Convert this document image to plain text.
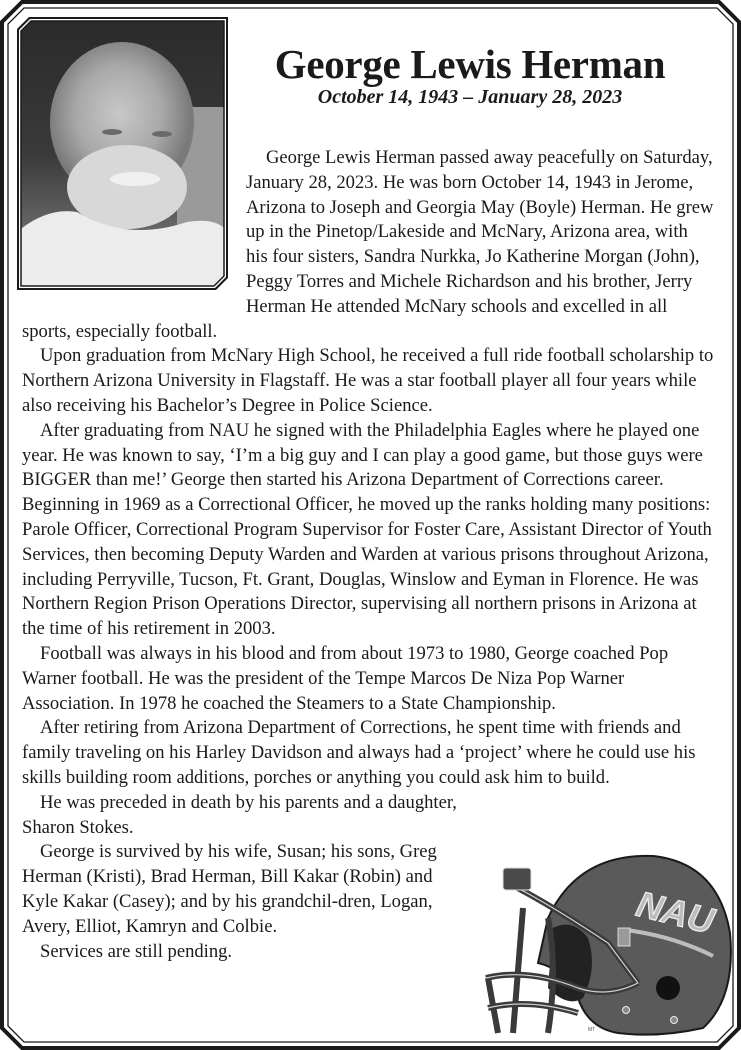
George Lewis Herman
October 14, 1943 – January 28, 2023

George Lewis Herman passed away peacefully on Saturday, January 28, 2023. He was born October 14, 1943 in Jerome, Arizona to Joseph and Georgia May (Boyle) Herman. He grew up in the Pinetop/Lakeside and McNary, Arizona area, with his four sisters, Sandra Nurkka, Jo Katherine Morgan (John), Peggy Torres and Michele Richardson and his brother, Jerry Herman He attended McNary schools and excelled in all sports, especially football.

Upon graduation from McNary High School, he received a full ride football scholarship to Northern Arizona University in Flagstaff. He was a star football player all four years while also receiving his Bachelor’s Degree in Police Science.

After graduating from NAU he signed with the Philadelphia Eagles where he played one year. He was known to say, ‘I’m a big guy and I can play a good game, but those guys were BIGGER than me!’ George then started his Arizona Department of Corrections career. Beginning in 1969 as a Correctional Officer, he moved up the ranks holding many positions: Parole Officer, Correctional Program Supervisor for Foster Care, Assistant Director of Youth Services, then becoming Deputy Warden and Warden at various prisons throughout Arizona, including Perryville, Tucson, Ft. Grant, Douglas, Winslow and Eyman in Florence. He was Northern Region Prison Operations Director, supervising all northern prisons in Arizona at the time of his retirement in 2003.

Football was always in his blood and from about 1973 to 1980, George coached Pop Warner football. He was the president of the Tempe Marcos De Niza Pop Warner Association. In 1978 he coached the Steamers to a State Championship.

After retiring from Arizona Department of Corrections, he spent time with friends and family traveling on his Harley Davidson and always had a ‘project’ where he could use his skills building room additions, porches or anything you could ask him to build.

He was preceded in death by his parents and a daughter, Sharon Stokes.

George is survived by his wife, Susan; his sons, Greg Herman (Kristi), Brad Herman, Bill Kakar (Robin) and Kyle Kakar (Casey); and by his grandchil-dren, Logan, Avery, Elliot, Kamryn and Colbie.

Services are still pending.

NAU
MT
